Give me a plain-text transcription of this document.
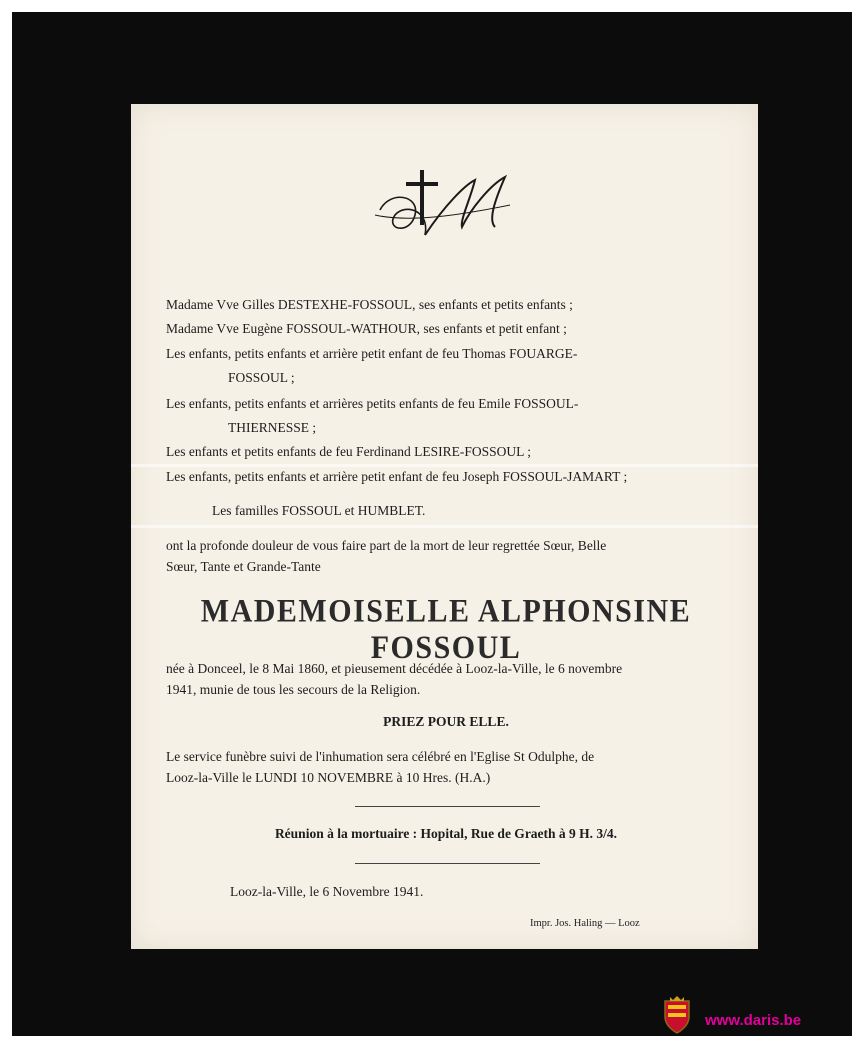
Madame Vve Gilles DESTEXHE-FOSSOUL, ses enfants et petits enfants ;
Madame Vve Eugène FOSSOUL-WATHOUR, ses enfants et petit enfant ;
Les enfants, petits enfants et arrière petit enfant de feu Thomas FOUARGE-
FOSSOUL ;
Les enfants, petits enfants et arrières petits enfants de feu Emile FOSSOUL-
THIERNESSE ;
Les enfants et petits enfants de feu Ferdinand LESIRE-FOSSOUL ;
Les enfants, petits enfants et arrière petit enfant de feu Joseph FOSSOUL-JAMART ;
Les familles FOSSOUL et HUMBLET.
ont la profonde douleur de vous faire part de la mort de leur regrettée Sœur, Belle
Sœur, Tante et Grande-Tante
MADEMOISELLE ALPHONSINE FOSSOUL
née à Donceel, le 8 Mai 1860, et pieusement décédée à Looz-la-Ville, le 6 novembre
1941, munie de tous les secours de la Religion.
PRIEZ POUR ELLE.
Le service funèbre suivi de l'inhumation sera célébré en l'Eglise St Odulphe, de
Looz-la-Ville le LUNDI 10 NOVEMBRE à 10 Hres. (H.A.)
Réunion à la mortuaire : Hopital, Rue de Graeth à 9 H. 3/4.
Looz-la-Ville, le 6 Novembre 1941.
Impr. Jos. Haling — Looz
www.daris.be
